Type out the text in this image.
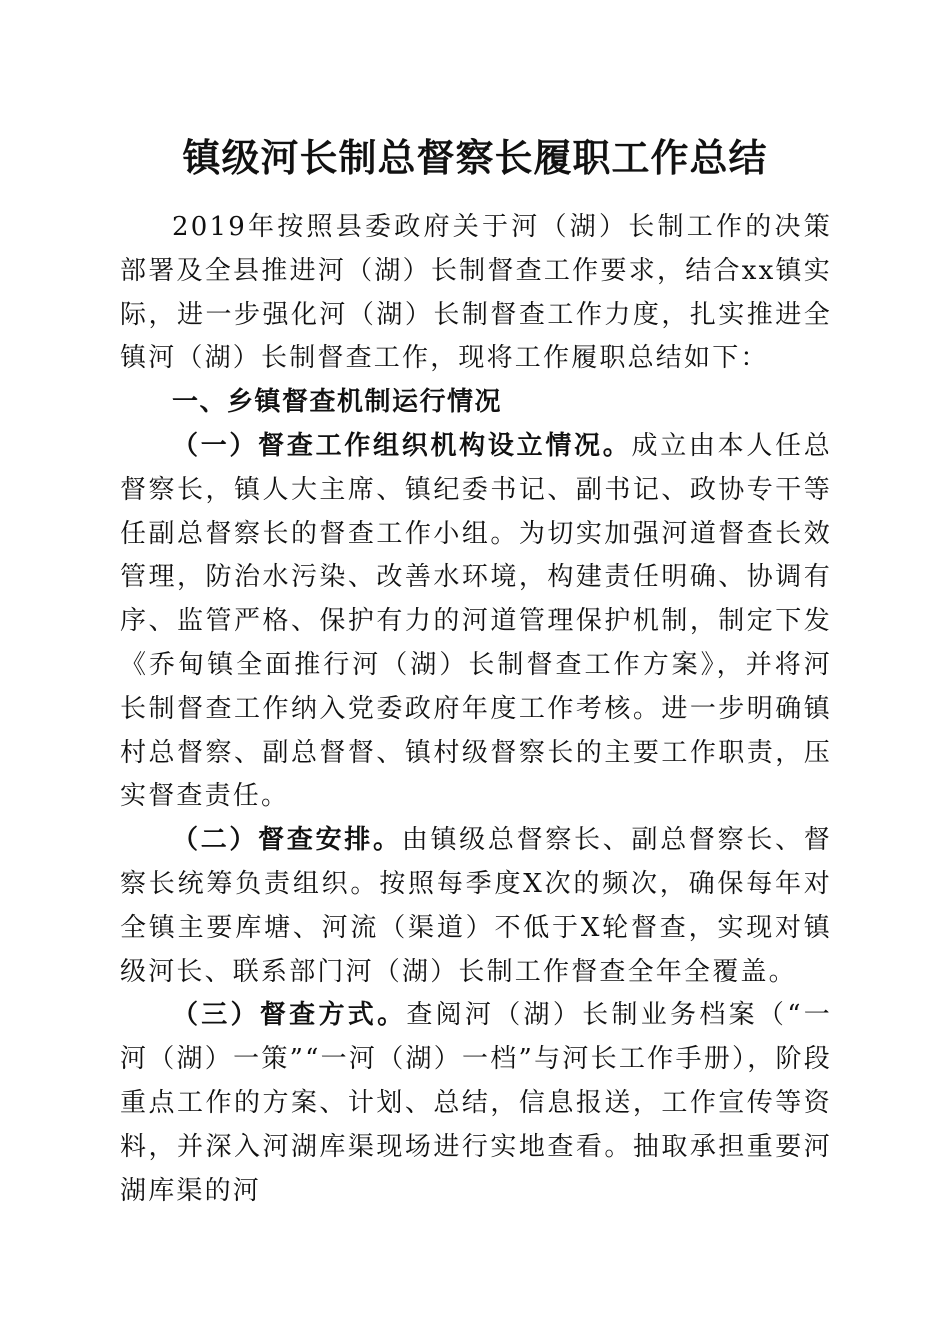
镇级河长制总督察长履职工作总结

2019年按照县委政府关于河（湖）长制工作的决策部署及全县推进河（湖）长制督查工作要求，结合xx镇实际，进一步强化河（湖）长制督查工作力度，扎实推进全镇河（湖）长制督查工作，现将工作履职总结如下：

一、乡镇督查机制运行情况

（一）督查工作组织机构设立情况。成立由本人任总督察长，镇人大主席、镇纪委书记、副书记、政协专干等任副总督察长的督查工作小组。为切实加强河道督查长效管理，防治水污染、改善水环境，构建责任明确、协调有序、监管严格、保护有力的河道管理保护机制，制定下发《乔甸镇全面推行河（湖）长制督查工作方案》，并将河长制督查工作纳入党委政府年度工作考核。进一步明确镇村总督察、副总督督、镇村级督察长的主要工作职责，压实督查责任。

（二）督查安排。由镇级总督察长、副总督察长、督察长统筹负责组织。按照每季度X次的频次，确保每年对全镇主要库塘、河流（渠道）不低于X轮督查，实现对镇级河长、联系部门河（湖）长制工作督查全年全覆盖。

（三）督查方式。查阅河（湖）长制业务档案（“一河（湖）一策”“一河（湖）一档”与河长工作手册），阶段重点工作的方案、计划、总结，信息报送，工作宣传等资料，并深入河湖库渠现场进行实地查看。抽取承担重要河湖库渠的河
